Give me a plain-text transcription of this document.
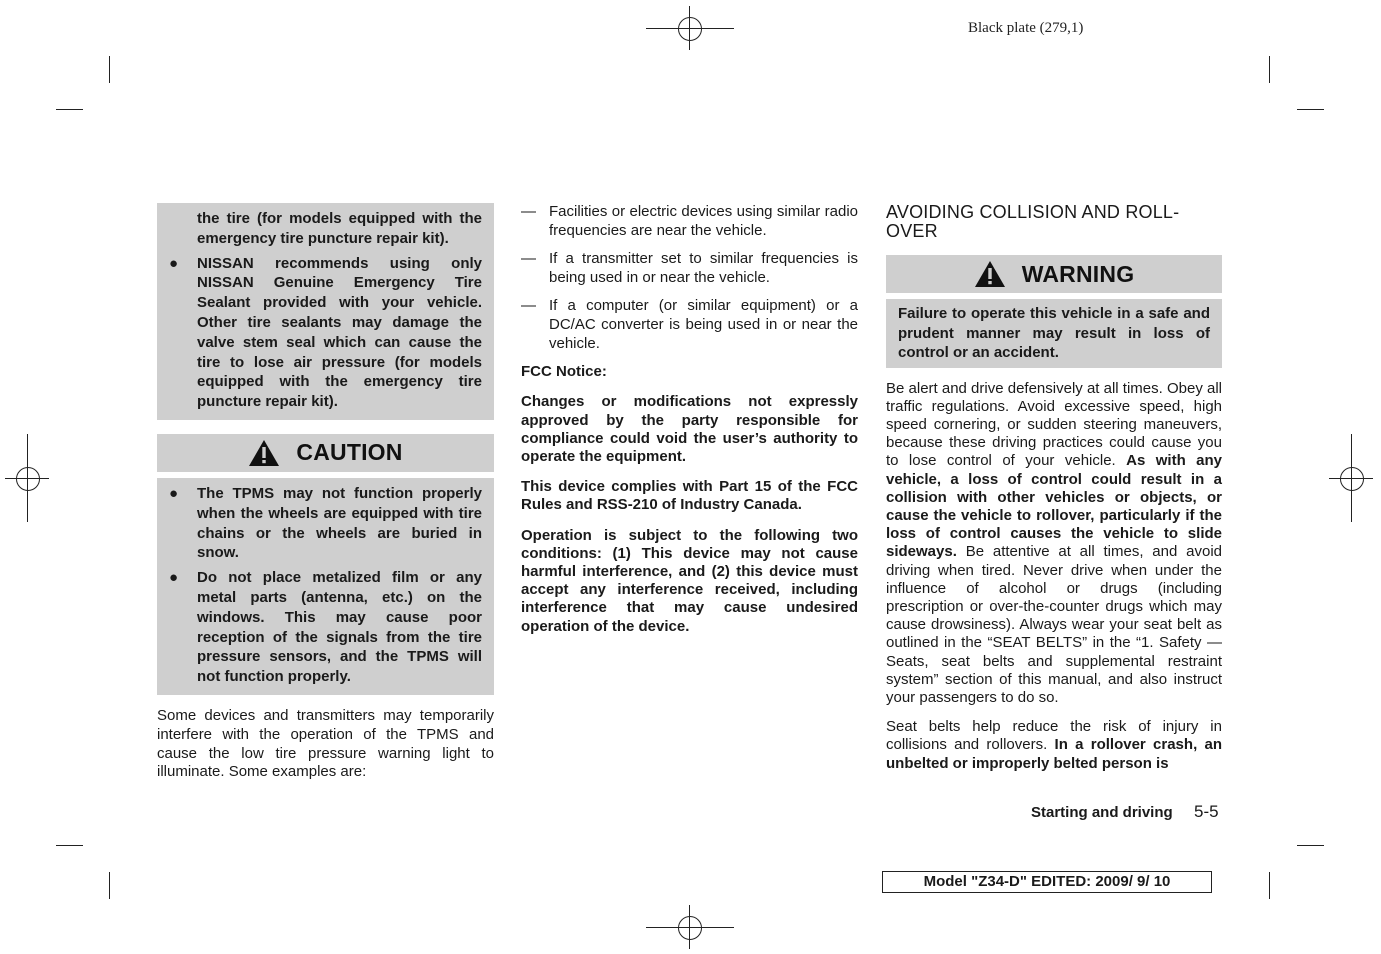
Black plate (279,1)
the tire (for models equipped with the emergency tire puncture repair kit).
● NISSAN recommends using only NISSAN Genuine Emergency Tire Sealant provided with your vehicle. Other tire sealants may damage the valve stem seal which can cause the tire to lose air pressure (for models equipped with the emergency tire puncture repair kit).
CAUTION
● The TPMS may not function properly when the wheels are equipped with tire chains or the wheels are buried in snow.
● Do not place metalized film or any metal parts (antenna, etc.) on the windows. This may cause poor reception of the signals from the tire pressure sensors, and the TPMS will not function properly.

Some devices and transmitters may temporarily interfere with the operation of the TPMS and cause the low tire pressure warning light to illuminate. Some examples are:

— Facilities or electric devices using similar radio frequencies are near the vehicle.
— If a transmitter set to similar frequencies is being used in or near the vehicle.
— If a computer (or similar equipment) or a DC/AC converter is being used in or near the vehicle.

FCC Notice:

Changes or modifications not expressly approved by the party responsible for compliance could void the user’s authority to operate the equipment.

This device complies with Part 15 of the FCC Rules and RSS-210 of Industry Canada.

Operation is subject to the following two conditions: (1) This device may not cause harmful interference, and (2) this device must accept any interference received, including interference that may cause undesired operation of the device.

AVOIDING COLLISION AND ROLL-OVER
WARNING

Failure to operate this vehicle in a safe and prudent manner may result in loss of control or an accident.

Be alert and drive defensively at all times. Obey all traffic regulations. Avoid excessive speed, high speed cornering, or sudden steering maneuvers, because these driving practices could cause you to lose control of your vehicle. As with any vehicle, a loss of control could result in a collision with other vehicles or objects, or cause the vehicle to rollover, particularly if the loss of control causes the vehicle to slide sideways. Be attentive at all times, and avoid driving when tired. Never drive when under the influence of alcohol or drugs (including prescription or over-the-counter drugs which may cause drowsiness). Always wear your seat belt as outlined in the “SEAT BELTS” in the “1. Safety — Seats, seat belts and supplemental restraint system” section of this manual, and also instruct your passengers to do so.

Seat belts help reduce the risk of injury in collisions and rollovers. In a rollover crash, an unbelted or improperly belted person is

Starting and driving 5-5
Model "Z34-D" EDITED: 2009/ 9/ 10
